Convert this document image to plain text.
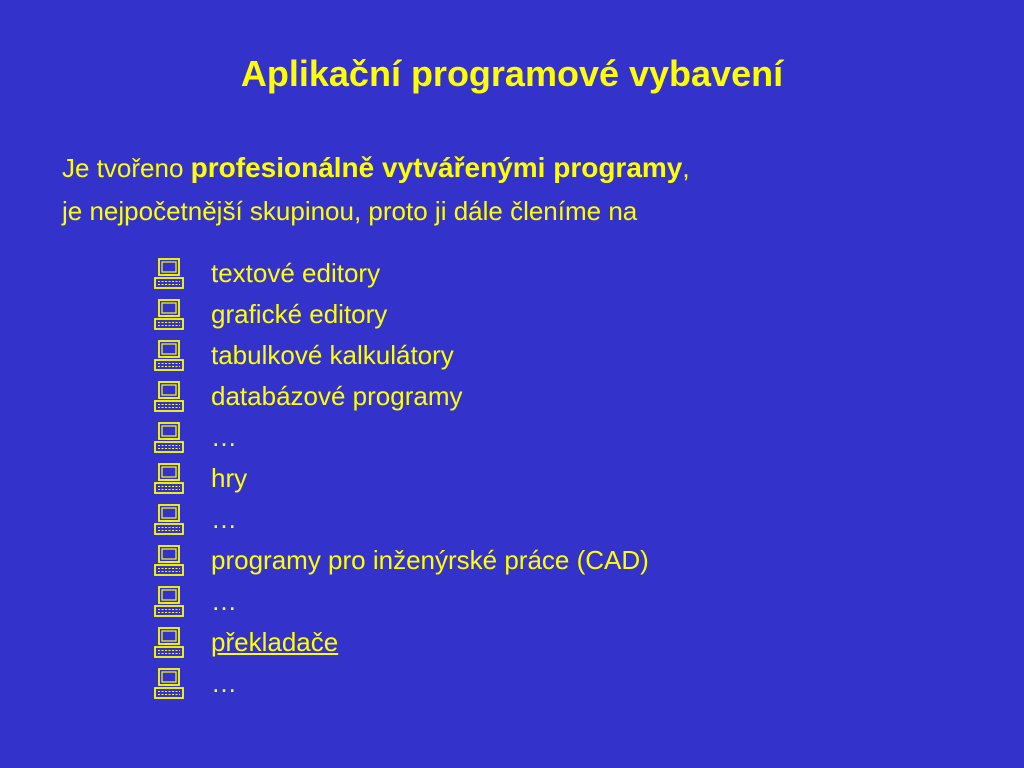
Aplikační programové vybavení
Je tvořeno profesionálně vytvářenými programy,
je nejpočetnější skupinou, proto ji dále členíme na
textové editory
grafické editory
tabulkové kalkulátory
databázové programy
…
hry
…
programy pro inženýrské práce (CAD)
…
překladače
…
